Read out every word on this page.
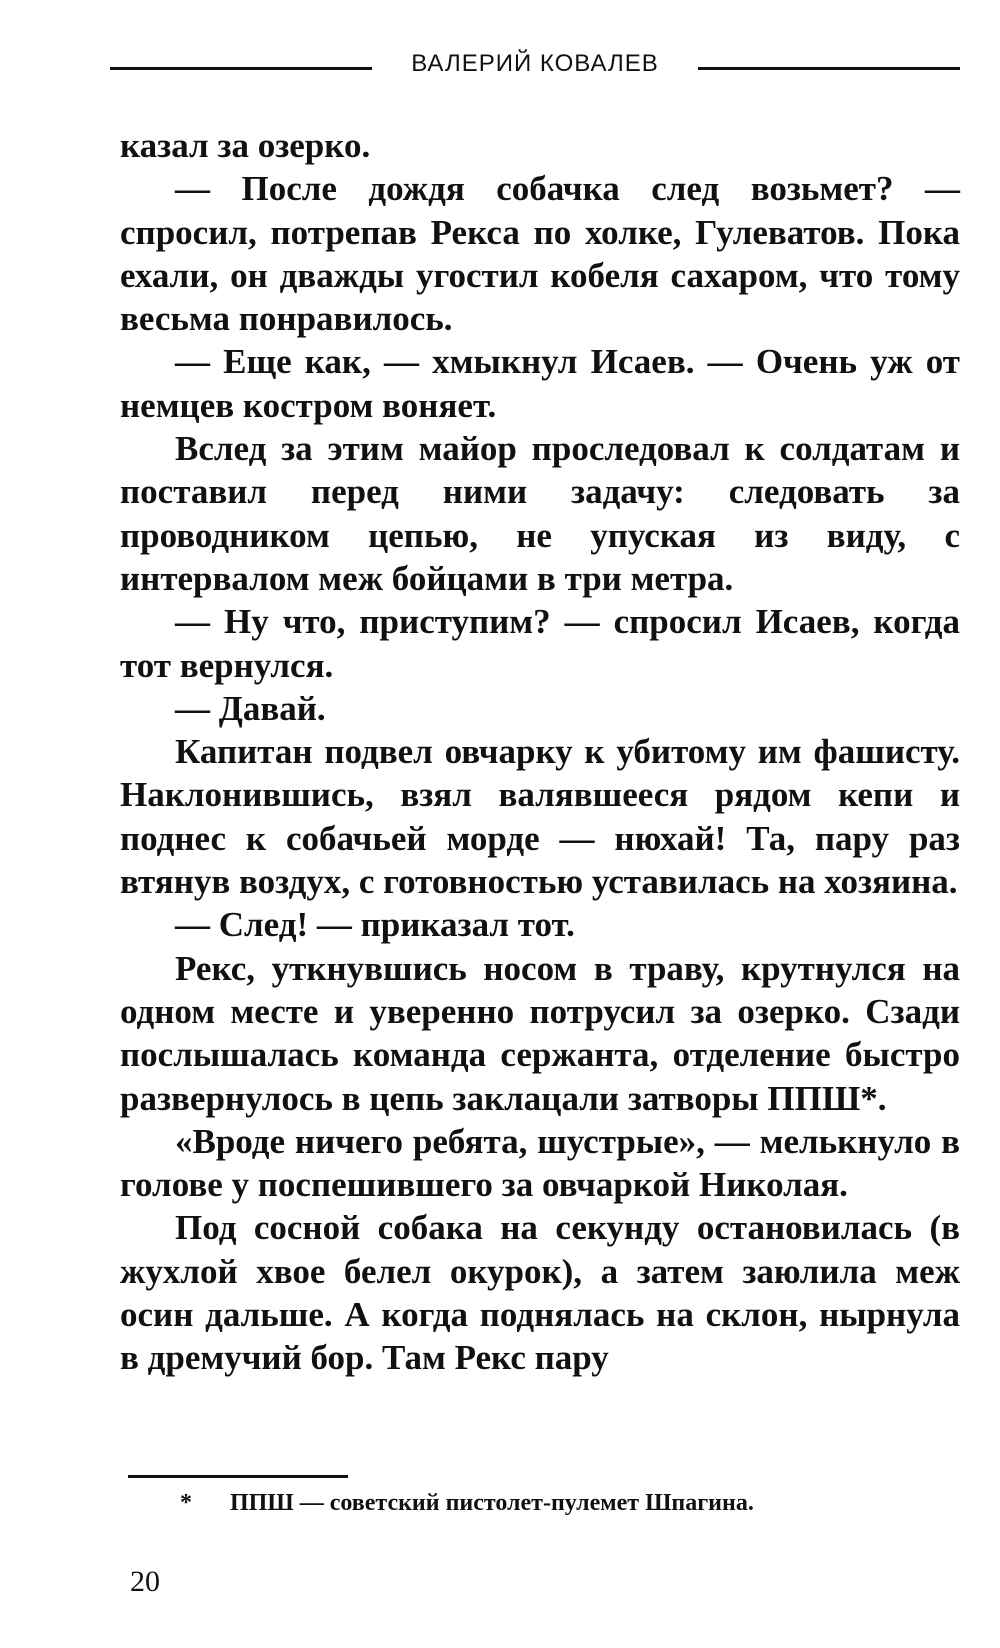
ВАЛЕРИЙ КОВАЛЕВ

казал за озерко.

— После дождя собачка след возьмет? — спросил, потрепав Рекса по холке, Гулеватов. Пока ехали, он дважды угостил кобеля сахаром, что тому весьма понравилось.

— Еще как, — хмыкнул Исаев. — Очень уж от немцев костром воняет.

Вслед за этим майор проследовал к солдатам и поставил перед ними задачу: следовать за проводником цепью, не упуская из виду, с интервалом меж бойцами в три метра.

— Ну что, приступим? — спросил Исаев, когда тот вернулся.

— Давай.

Капитан подвел овчарку к убитому им фашисту. Наклонившись, взял валявшееся рядом кепи и поднес к собачьей морде — нюхай! Та, пару раз втянув воздух, с готовностью уставилась на хозяина.

— След! — приказал тот.

Рекс, уткнувшись носом в траву, крутнулся на одном месте и уверенно потрусил за озерко. Сзади послышалась команда сержанта, отделение быстро развернулось в цепь заклацали затворы ППШ*.

«Вроде ничего ребята, шустрые», — мелькнуло в голове у поспешившего за овчаркой Николая.

Под сосной собака на секунду остановилась (в жухлой хвое белел окурок), а затем заюлила меж осин дальше. А когда поднялась на склон, нырнула в дремучий бор. Там Рекс пару

* ППШ — советский пистолет-пулемет Шпагина.
20
